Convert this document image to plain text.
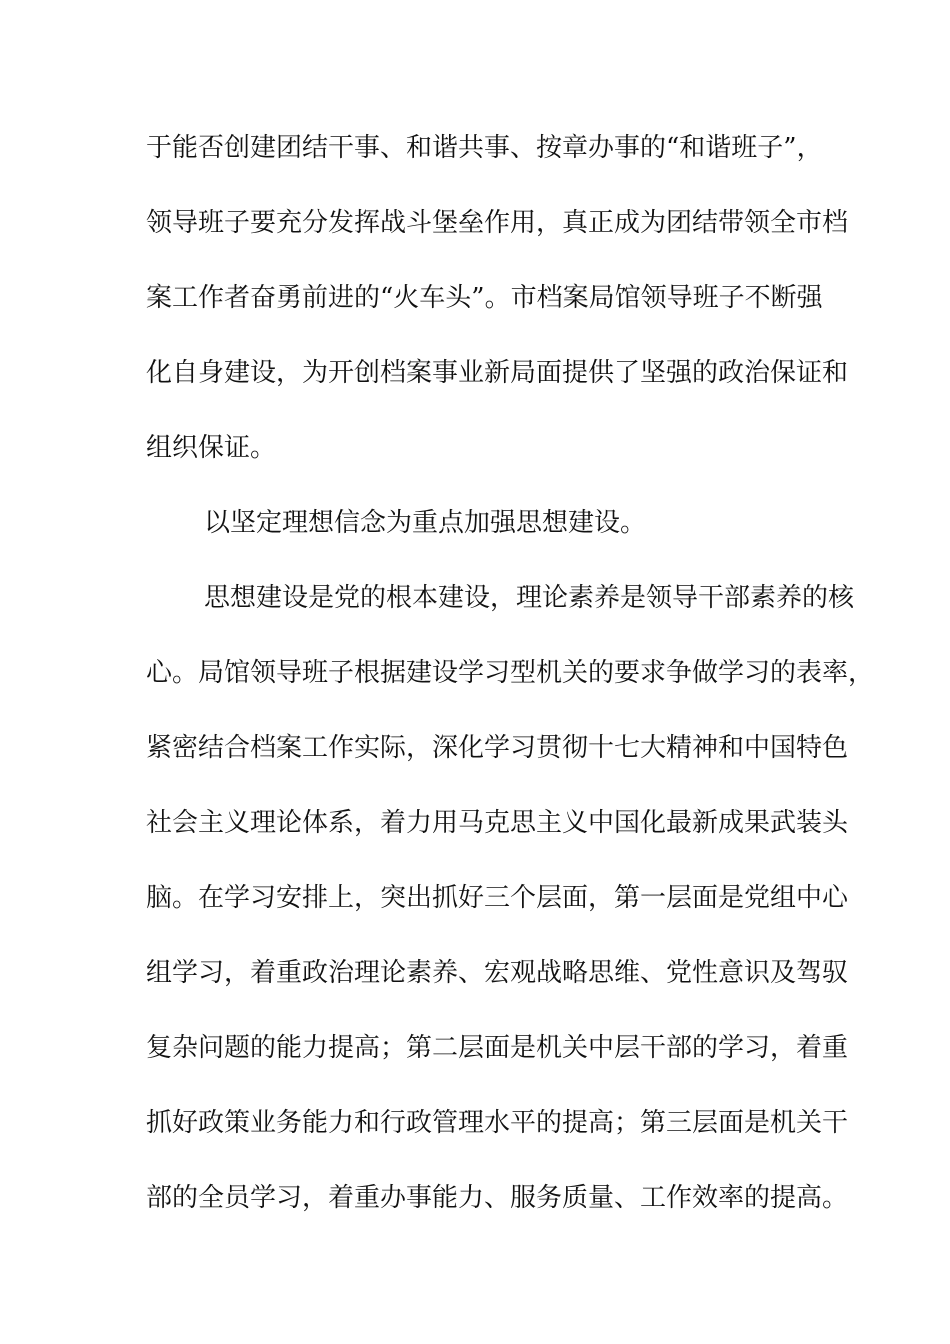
于能否创建团结干事、和谐共事、按章办事的“和谐班子”，
领导班子要充分发挥战斗堡垒作用，真正成为团结带领全市档
案工作者奋勇前进的“火车头”。市档案局馆领导班子不断强
化自身建设，为开创档案事业新局面提供了坚强的政治保证和
组织保证。
以坚定理想信念为重点加强思想建设。
思想建设是党的根本建设，理论素养是领导干部素养的核
心。局馆领导班子根据建设学习型机关的要求争做学习的表率，
紧密结合档案工作实际，深化学习贯彻十七大精神和中国特色
社会主义理论体系，着力用马克思主义中国化最新成果武装头
脑。在学习安排上，突出抓好三个层面，第一层面是党组中心
组学习，着重政治理论素养、宏观战略思维、党性意识及驾驭
复杂问题的能力提高；第二层面是机关中层干部的学习，着重
抓好政策业务能力和行政管理水平的提高；第三层面是机关干
部的全员学习，着重办事能力、服务质量、工作效率的提高。
